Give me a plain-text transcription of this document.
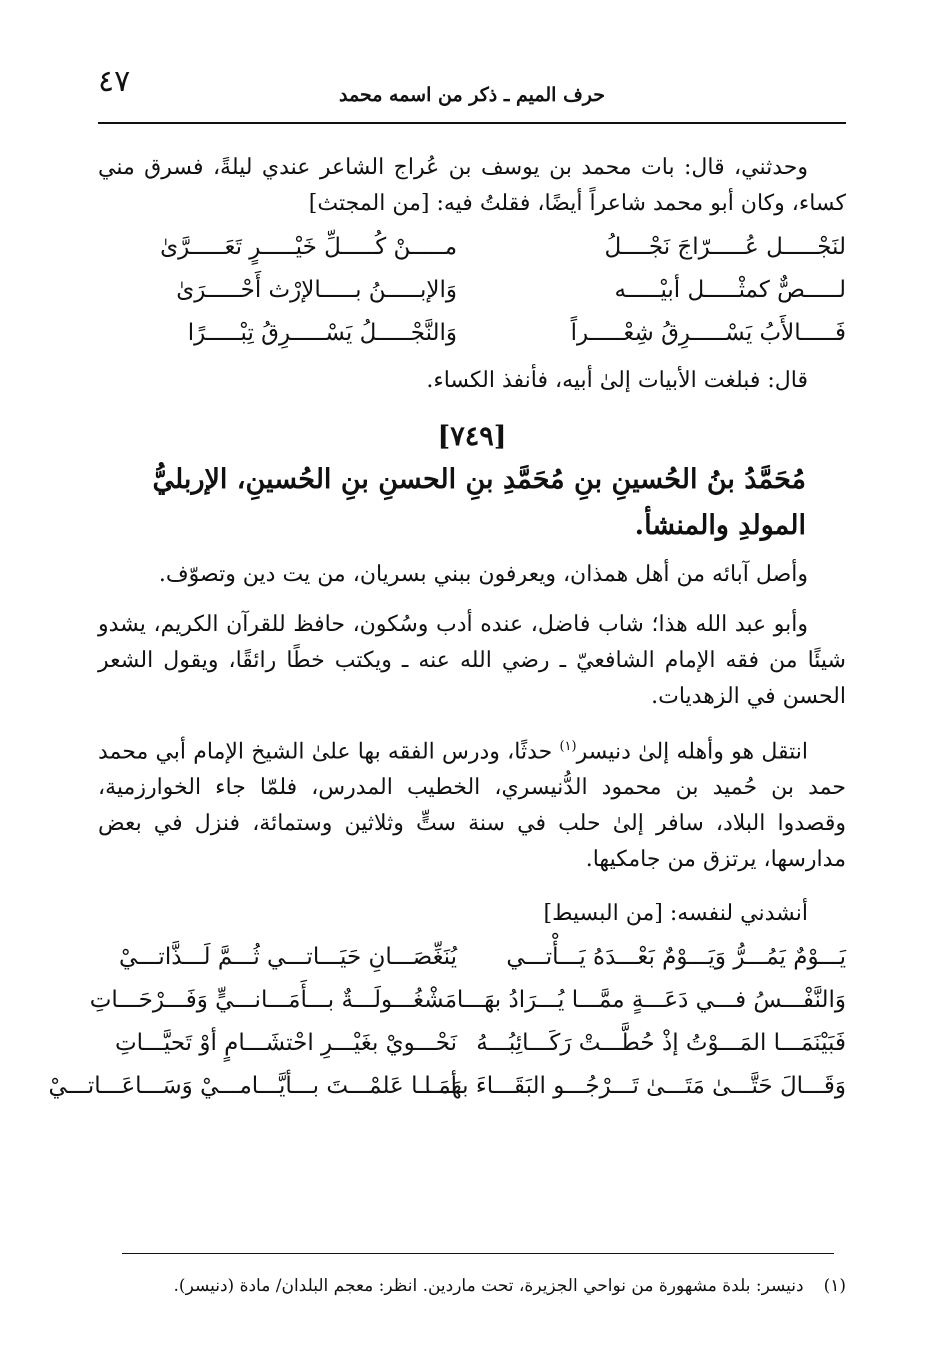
٤٧	حرف الميم ـ ذكر من اسمه محمد

وحدثني، قال: بات محمد بن يوسف بن عُراج الشاعر عندي ليلةً، فسرق مني كساء، وكان أبو محمد شاعراً أيضًا، فقلتُ فيه: [من المجتث]

لنَجْـــــل عُـــــرّاجَ نَجْــــلُ
مـــــنْ كُـــــلِّ خَيْـــــرٍ تَعَـــــرَّىٰ
لـــــصٌّ كمثْـــــل أبيْـــــه
وَالإبـــــنُ بـــــالإرْث أَحْـــــرَىٰ
فَـــــالأَبُ يَسْـــــرِقُ شِعْـــــراً
وَالنَّجْـــــلُ يَسْـــــرِقُ تِبْـــــرًا

قال: فبلغت الأبيات إلىٰ أبيه، فأنفذ الكساء.

[٧٤٩]
مُحَمَّدُ بنُ الحُسينِ بنِ مُحَمَّدِ بنِ الحسنِ بنِ الحُسينِ، الإربليُّ المولدِ والمنشأ.

وأصل آبائه من أهل همذان، ويعرفون ببني بسريان، من يت دين وتصوّف.

وأبو عبد الله هذا؛ شاب فاضل، عنده أدب وسُكون، حافظ للقرآن الكريم، يشدو شيئًا من فقه الإمام الشافعيّ ـ رضي الله عنه ـ ويكتب خطًا رائقًا، ويقول الشعر الحسن في الزهديات.

انتقل هو وأهله إلىٰ دنيسر$^{(١)}$ حدثًا، ودرس الفقه بها علىٰ الشيخ الإمام أبي محمد حمد بن حُميد بن محمود الدُّنيسري، الخطيب المدرس، فلمّا جاء الخوارزمية، وقصدوا البلاد، سافر إلىٰ حلب في سنة ستٍّ وثلاثين وستمائة، فنزل في بعض مدارسها، يرتزق من جامكيها.

أنشدني لنفسه: [من البسيط]

يَـــوْمٌ يَمُـــرُّ وَيَـــوْمٌ بَعْـــدَهُ يَـــأْتـــي
يُنَغِّصَـــانِ حَيَـــاتـــي ثُـــمَّ لَـــذَّاتـــيْ
وَالنَّفْـــسُ فـــي دَعَـــةٍ ممَّـــا يُـــرَادُ بهَـــا
مَشْغُـــولَـــةٌ بـــأَمَـــانـــيٍّ وَفَـــرْحَـــاتِ
فَبَيْنَمَـــا المَـــوْتُ إذْ حُطَّـــتْ رَكَـــائِبُـــهُ
نَحْـــويْ بغَيْـــرِ احْتشَـــامٍ أوْ تَحيَّـــاتِ
وَقَـــالَ حَتَّـــىٰ مَتَـــىٰ تَـــرْجُـــو البَقَـــاءَ بهَـــا
أمَـــا عَلمْـــتَ بـــأيَّـــامـــيْ وَسَـــاعَـــاتـــيْ
(١)
دنيسر: بلدة مشهورة من نواحي الجزيرة، تحت ماردين. انظر: معجم البلدان/ مادة (دنيسر).
